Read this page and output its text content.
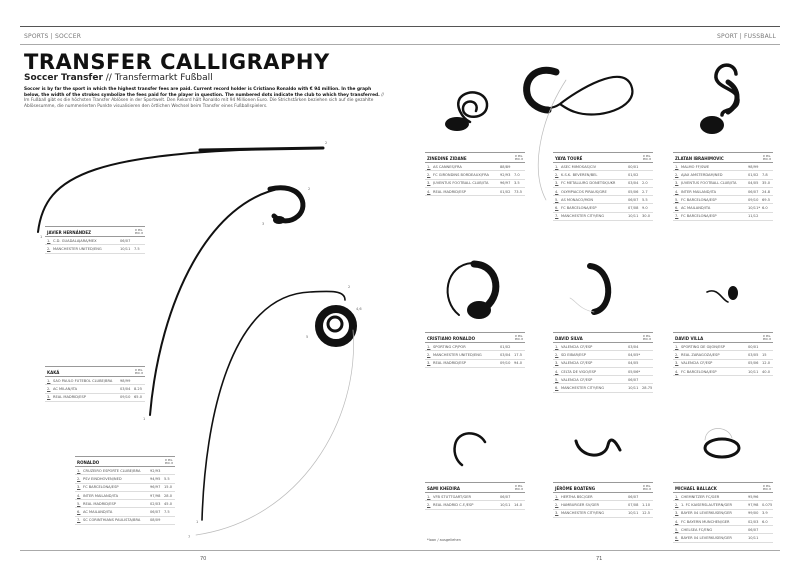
SPORTS | SOCCER	SPORT | FUSSBALL
TRANSFER CALLIGRAPHY
Soccer Transfer // Transfermarkt Fußball
Soccer is by far the sport in which the highest transfer fees are paid. Current record holder is Cristiano Ronaldo with € 94 million. In the graph below, the width of the strokes symbolize the fees paid for the player in question. The numbered dots indicate the club to which they transferred. // Im Fußball gibt es die höchsten Transfer Ablösen in der Sportwelt. Den Rekord hält Ronaldo mit 94 Millionen Euro. Die Strichstärken beziehen sich auf die gezahlte Ablösesumme, die nummerierten Punkte visualisieren den örtlichen Wechsel beim Transfer eines Fußballspielers.
1
2
1
2
3
1
2
4,6
5
7
JAVIER HERNÁNDEZ	€ MIL.
MIO. €
1. C.D. GUADALAJARA/MEX	06/07
2. MANCHESTER UNITED/ENG	10/11	7.5
KAKÁ	€ MIL.
MIO. €
1. SÃO PAULO FUTEBOL CLUBE/BRA	98/99
2. AC MILAN/ITA	03/04	8.25
3. REAL MADRID/ESP	09/10	65.0
RONALDO	€ MIL.
MIO. €
1. CRUZEIRO ESPORTE CLUBE/BRA	92/93
2. PSV EINDHOVEN/NED	94/95	5.5
3. FC BARCELONA/ESP	96/97	15.0
4. INTER MAILAND/ITA	97/98	28.0
5. REAL MADRID/ESP	02/03	45.0
6. AC MAILAND/ITA	06/07	7.5
7. SC CORINTHIANS PAULISTA/BRA	08/09
ZINEDINE ZIDANE	€ MIL.
MIO. €
1. AS CANNES/FRA	88/89
2. FC GIRONDINS BORDEAUX/FRA	92/93	7.0
3. JUVENTUS FOOTBALL CLUB/ITA	96/97	3.5
4. REAL MADRID/ESP	01/02	73.5
YAYA TOURÉ	€ MIL.
MIO. €
1. ASEC MIMOSAS/CIV	00/01
2. K.S.K. BEVEREN/BEL	01/02
3. FC METALLURG DONETSK/UKR	03/04	2.0
4. OLYMPIACOS PIRÄUS/GRE	05/06	2.7
5. AS MONACO/MON	06/07	5.5
6. FC BARCELONA/ESP	07/08	9.0
7. MANCHESTER CITY/ENG	10/11	30.0
ZLATAN IBRAHIMOVIC	€ MIL.
MIO. €
1. MALMÖ FF/SWE	98/99
2. AJAX AMSTERDAM/NED	01/02	7.8
3. JUVENTUS FOOTBALL CLUB/ITA	04/05	35.0
4. INTER MAILAND/ITA	06/07	24.8
5. FC BARCELONA/ESP	09/10	69.5
6. AC MAILAND/ITA	10/11* 6.0
7. FC BARCELONA/ESP	11/12
CRISTIANO RONALDO	€ MIL.
MIO. €
1. SPORTING CP/POR	01/02
2. MANCHESTER UNITED/ENG	03/04	17.5
3. REAL MADRID/ESP	09/10	94.0
DAVID SILVA	€ MIL.
MIO. €
1. VALENCIA CF/ESP	03/04
2. SD EIBAR/ESP	04/05*
3. VALENCIA CF/ESP	04/05
4. CELTA DE VIGO/ESP	05/06*
5. VALENCIA CF/ESP	06/07
6. MANCHESTER CITY/ENG	10/11	28.75
DAVID VILLA	€ MIL.
MIO. €
1. SPORTING DE GIJÓN/ESP	00/01
2. REAL ZARAGOZA/ESP	03/05	15
3. VALENCIA CF/ESP	05/06	12.0
4. FC BARCELONA/ESP	10/11	40.0
SAMI KHEDIRA	€ MIL.
MIO. €
1. VFB STUTTGART/GER	06/07
2. REAL MADRID C.F./ESP	10/11	14.0
JÉRÔME BOATENG	€ MIL.
MIO. €
1. HERTHA BSC/GER	06/07
2. HAMBURGER SV/GER	07/08	1.10
3. MANCHESTER CITY/ENG	10/11	12.5
MICHAEL BALLACK	€ MIL.
MIO. €
1. CHEMNITZER FC/GER	95/96
2. 1. FC KAISERSLAUTERN/GER	97/98	0.075
3. BAYER 04 LEVERKUSEN/GER	99/00	3.9
4. FC BAYERN MÜNCHEN/GER	02/03	6.0
5. CHELSEA FC/ENG	06/07
6. BAYER 04 LEVERKUSEN/GER	10/11
*loan / ausgeliehen
70	71
